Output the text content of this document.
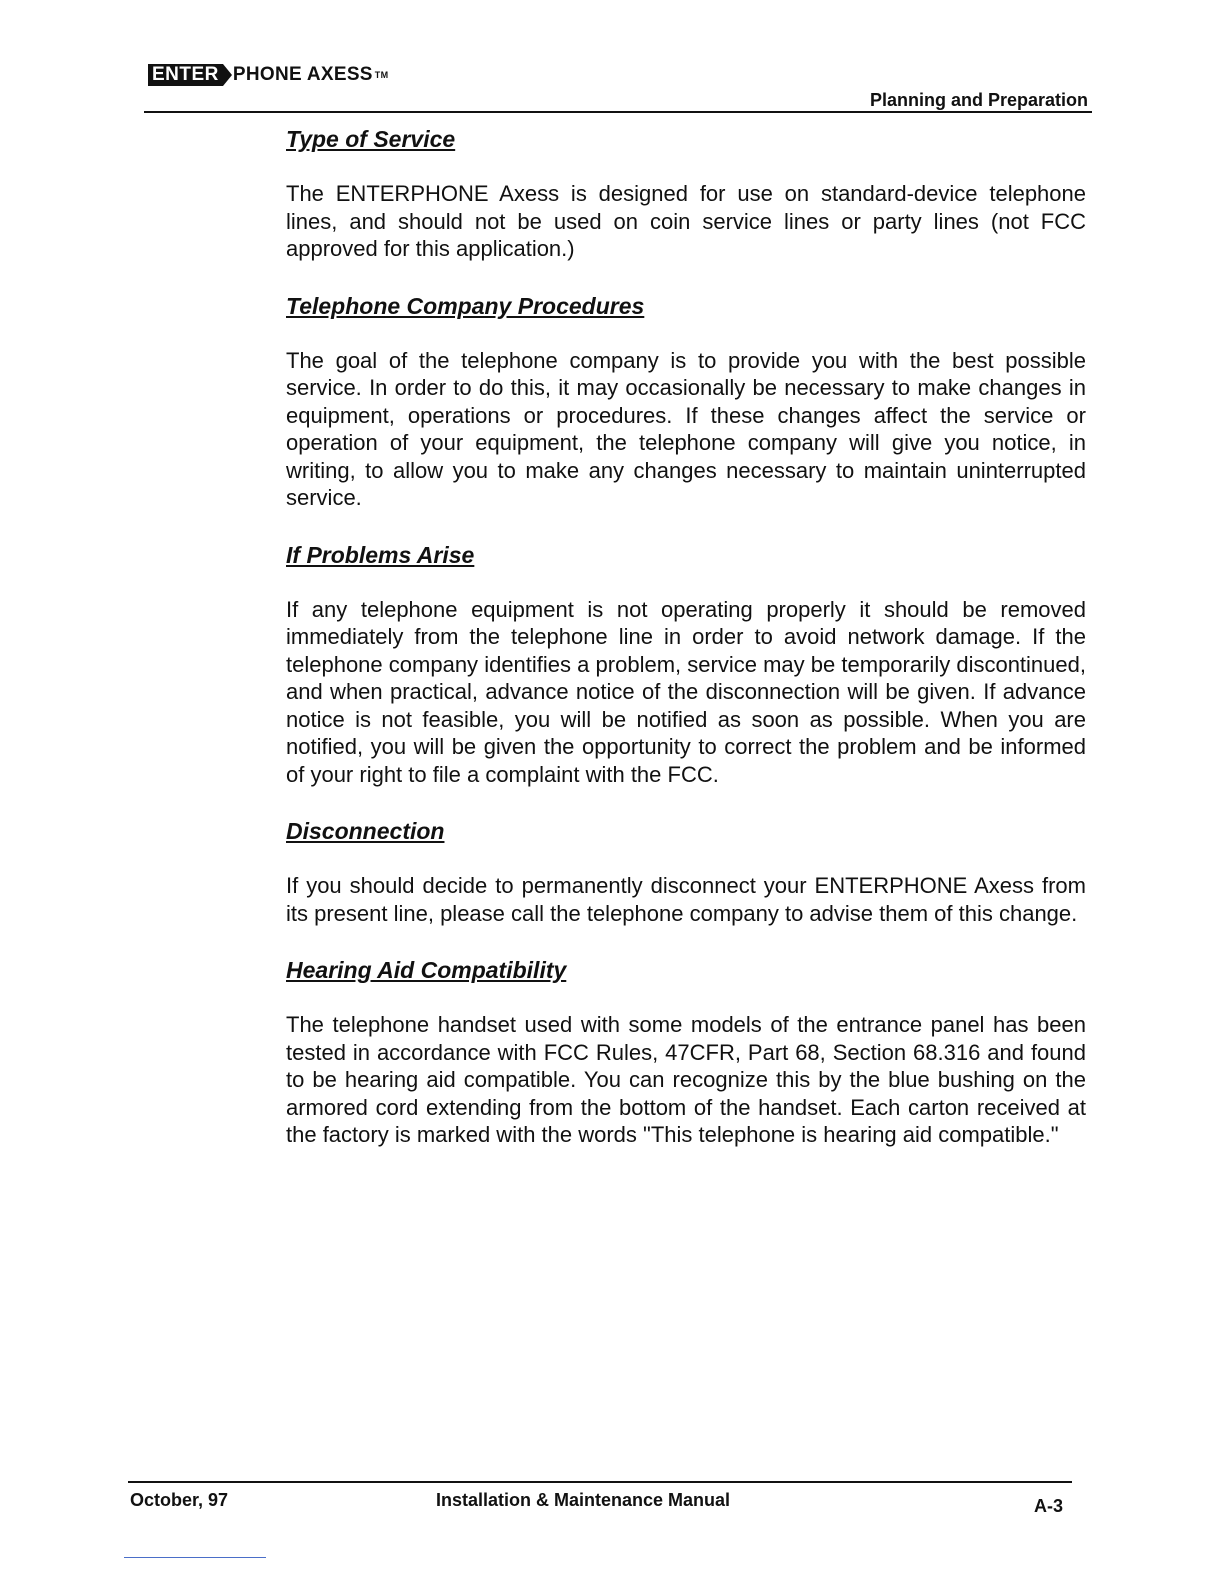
ENTER PHONE AXESS ™
Planning and Preparation
Type of Service

The ENTERPHONE Axess is designed for use on standard-device telephone lines, and should not be used on coin service lines or party lines (not FCC approved for this application.)

Telephone Company Procedures

The goal of the telephone company is to provide you with the best possible service. In order to do this, it may occasionally be necessary to make changes in equipment, operations or procedures. If these changes affect the service or operation of your equipment, the telephone company will give you notice, in writing, to allow you to make any changes necessary to maintain uninterrupted service.

If Problems Arise

If any telephone equipment is not operating properly it should be removed immediately from the telephone line in order to avoid network damage. If the telephone company identifies a problem, service may be temporarily discontinued, and when practical, advance notice of the disconnection will be given. If advance notice is not feasible, you will be notified as soon as possible. When you are notified, you will be given the opportunity to correct the problem and be informed of your right to file a complaint with the FCC.

Disconnection

If you should decide to permanently disconnect your ENTERPHONE Axess from its present line, please call the telephone company to advise them of this change.

Hearing Aid Compatibility

The telephone handset used with some models of the entrance panel has been tested in accordance with FCC Rules, 47CFR, Part 68, Section 68.316 and found to be hearing aid compatible. You can recognize this by the blue bushing on the armored cord extending from the bottom of the handset. Each carton received at the factory is marked with the words "This telephone is hearing aid compatible."

October, 97	Installation & Maintenance Manual	A-3
